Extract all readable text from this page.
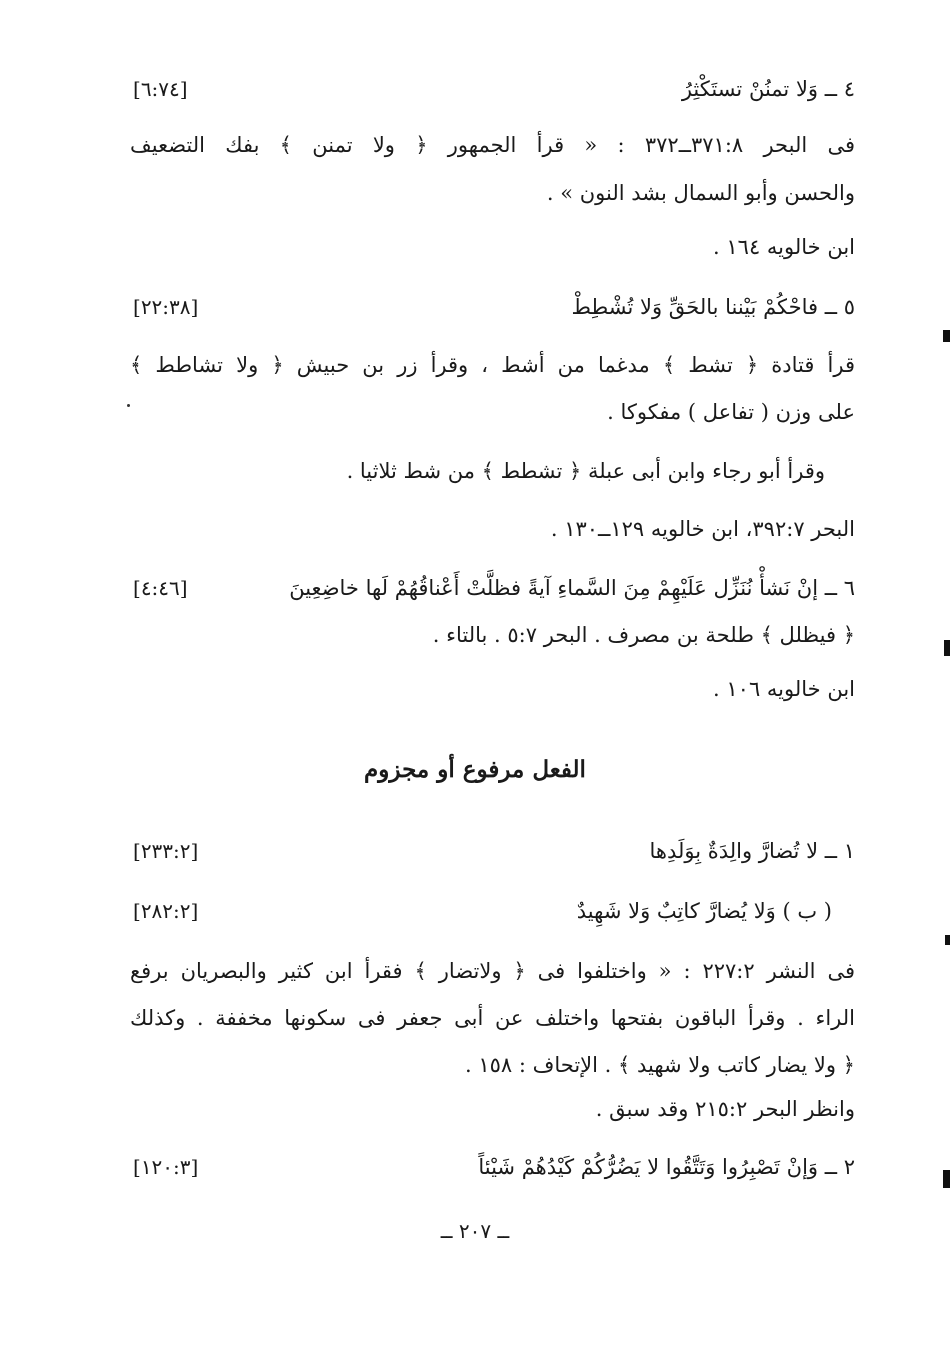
٤ ــ وَلا تمنُنْ تستَكْثِرُ
[٦:٧٤]
فى البحر ٣٧١:٨ــ٣٧٢ : « قرأ الجمهور ﴿ ولا تمنن ﴾ بفك التضعيف
والحسن وأبو السمال بشد النون » .
ابن خالويه ١٦٤ .
٥ ــ فاحْكُمْ بَيْننا بالحَقِّ وَلا تُشْطِطْ
[٢٢:٣٨]
قرأ قتادة ﴿ تشط ﴾ مدغما من أشط ، وقرأ زر بن حبيش ﴿ ولا تشاطط ﴾
على وزن ( تفاعل ) مفكوكا .
وقرأ أبو رجاء وابن أبى عبلة ﴿ تشطط ﴾ من شط ثلاثيا .
البحر ٣٩٢:٧، ابن خالويه ١٢٩ــ١٣٠ .
٦ ــ إنْ نَشأْ نُنَزِّل عَلَيْهِمْ مِنَ السَّماءِ آيةً فظلَّتْ أَعْناقُهُمْ لَها خاضِعِينَ
[٤:٤٦]
﴿ فيظلل ﴾ طلحة بن مصرف . البحر ٥:٧ . بالتاء .
ابن خالويه ١٠٦ .
الفعل مرفوع أو مجزوم
١ ــ لا تُضارَّ والِدَةٌ بِوَلَدِها
[٢٣٣:٢]
( ب ) وَلا يُضارَّ كاتِبٌ وَلا شَهِيدٌ
[٢٨٢:٢]
فى النشر ٢٢٧:٢ : « واختلفوا فى ﴿ ولاتضار ﴾ فقرأ ابن كثير والبصريان برفع
الراء . وقرأ الباقون بفتحها واختلف عن أبى جعفر فى سكونها مخففة . وكذلك
﴿ ولا يضار كاتب ولا شهيد ﴾ . الإتحاف : ١٥٨ .
وانظر البحر ٢١٥:٢ وقد سبق .
٢ ــ وَإنْ تَصْبِرُوا وَتَتَّقُوا لا يَضُرُّكُمْ كَيْدُهُمْ شَيْئاً
[١٢٠:٣]
ــ ٢٠٧ ــ
